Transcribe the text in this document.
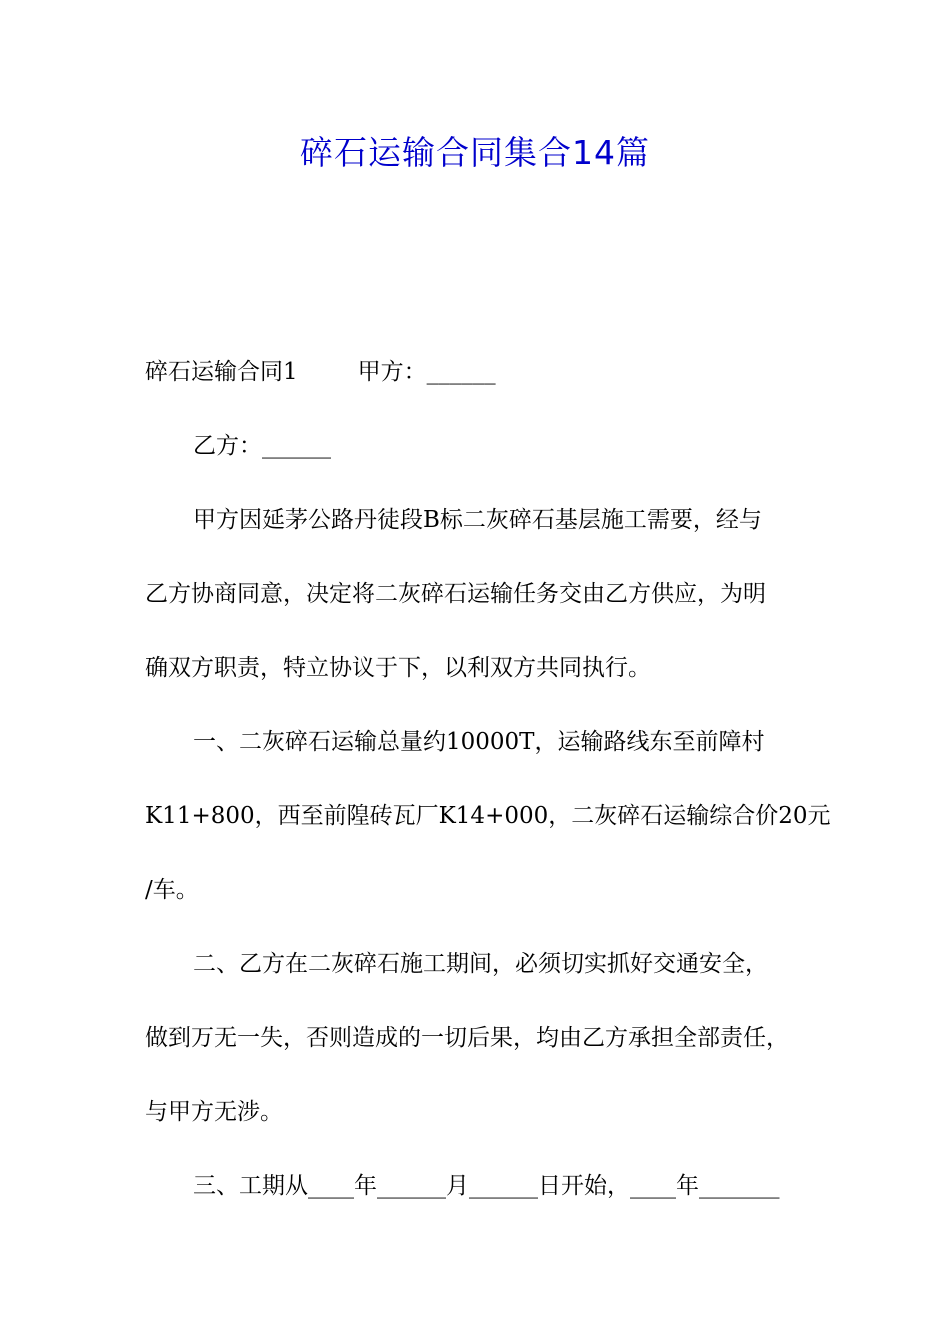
碎石运输合同集合14篇
碎石运输合同1	甲方：______
乙方：______
甲方因延茅公路丹徒段B标二灰碎石基层施工需要，经与
乙方协商同意，决定将二灰碎石运输任务交由乙方供应，为明
确双方职责，特立协议于下，以利双方共同执行。
一、二灰碎石运输总量约10000T，运输路线东至前障村
K11+800，西至前隍砖瓦厂K14+000，二灰碎石运输综合价20元
/车。
二、乙方在二灰碎石施工期间，必须切实抓好交通安全，
做到万无一失，否则造成的一切后果，均由乙方承担全部责任，
与甲方无涉。
三、工期从____年______月______日开始，____年_______
